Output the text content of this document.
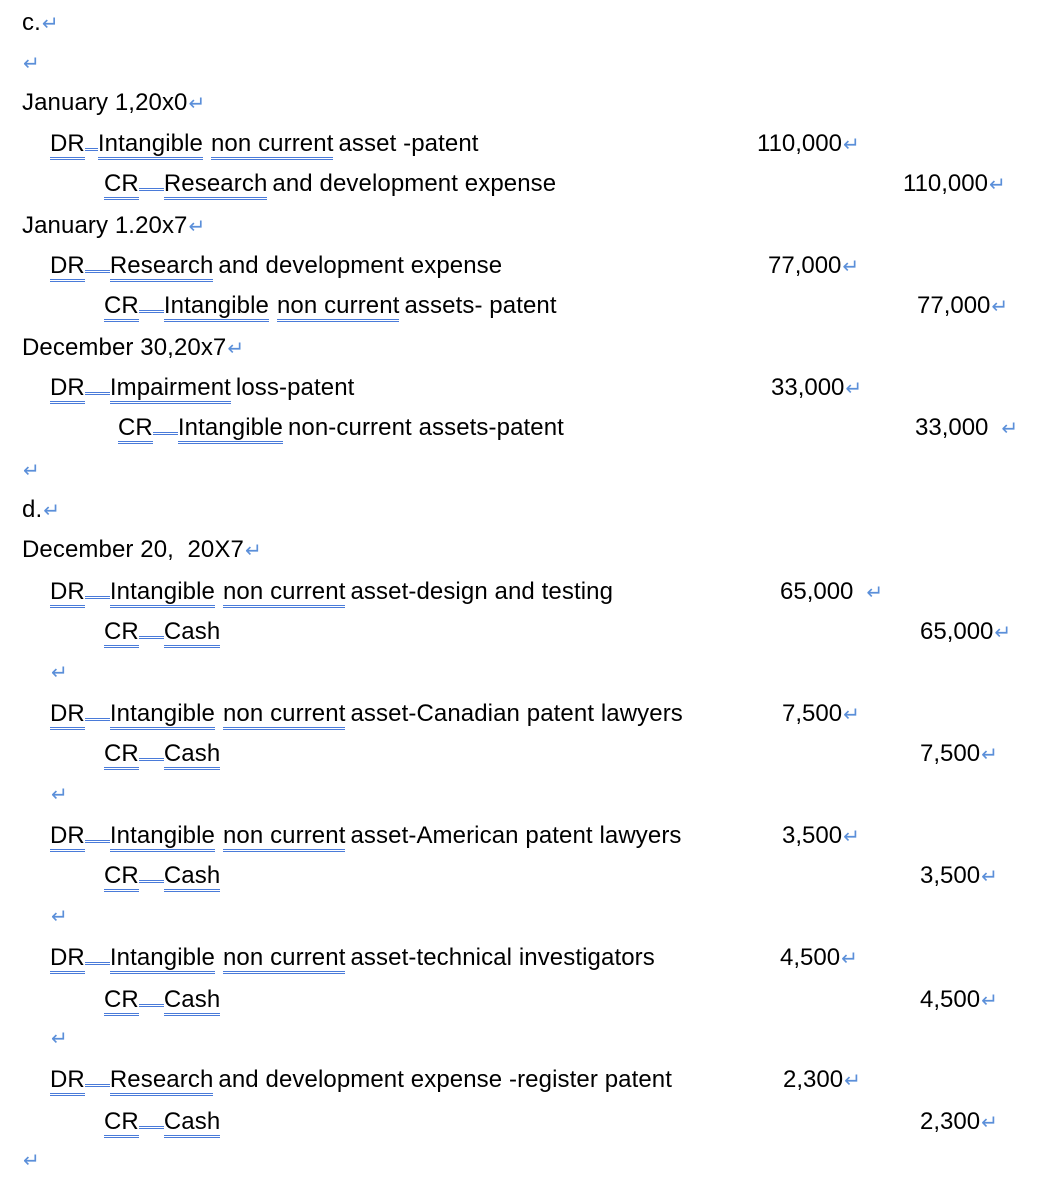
c.↵
↵
January 1,20x0↵
DR Intangible non current asset -patent	110,000↵
CR Research and development expense	110,000↵
January 1.20x7↵
DR Research and development expense	77,000↵
CR Intangible non current assets- patent	77,000↵
December 30,20x7↵
DR Impairment loss-patent	33,000↵
CR Intangible non-current assets-patent	33,000 ↵
↵
d.↵
December 20,  20X7↵
DR Intangible non current asset-design and testing	65,000 ↵
CR Cash	65,000↵
↵
DR Intangible non current asset-Canadian patent lawyers	7,500↵
CR Cash	7,500↵
↵
DR Intangible non current asset-American patent lawyers	3,500↵
CR Cash	3,500↵
↵
DR Intangible non current asset-technical investigators	4,500↵
CR Cash	4,500↵
↵
DR Research and development expense -register patent	2,300↵
CR Cash	2,300↵
↵
